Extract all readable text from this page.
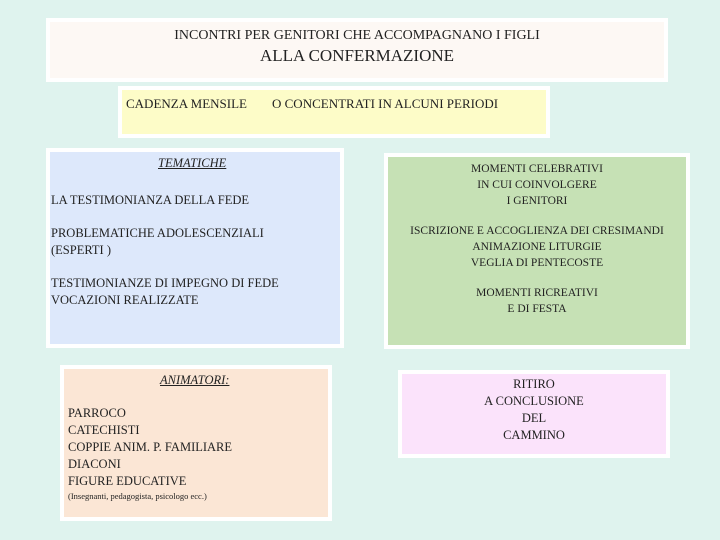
INCONTRI PER GENITORI CHE ACCOMPAGNANO I FIGLI
ALLA CONFERMAZIONE
CADENZA MENSILE O CONCENTRATI IN ALCUNI PERIODI
TEMATICHE
LA TESTIMONIANZA DELLA FEDE
PROBLEMATICHE ADOLESCENZIALI
(ESPERTI )
TESTIMONIANZE DI IMPEGNO DI FEDE
VOCAZIONI REALIZZATE
MOMENTI CELEBRATIVI
IN CUI COINVOLGERE
I GENITORI
ISCRIZIONE E ACCOGLIENZA DEI CRESIMANDI
ANIMAZIONE LITURGIE
VEGLIA DI PENTECOSTE
MOMENTI RICREATIVI
E DI FESTA
ANIMATORI:
PARROCO
CATECHISTI
COPPIE ANIM. P. FAMILIARE
DIACONI
FIGURE EDUCATIVE
(Insegnanti, pedagogista, psicologo ecc.)
RITIRO
A CONCLUSIONE
DEL
CAMMINO
